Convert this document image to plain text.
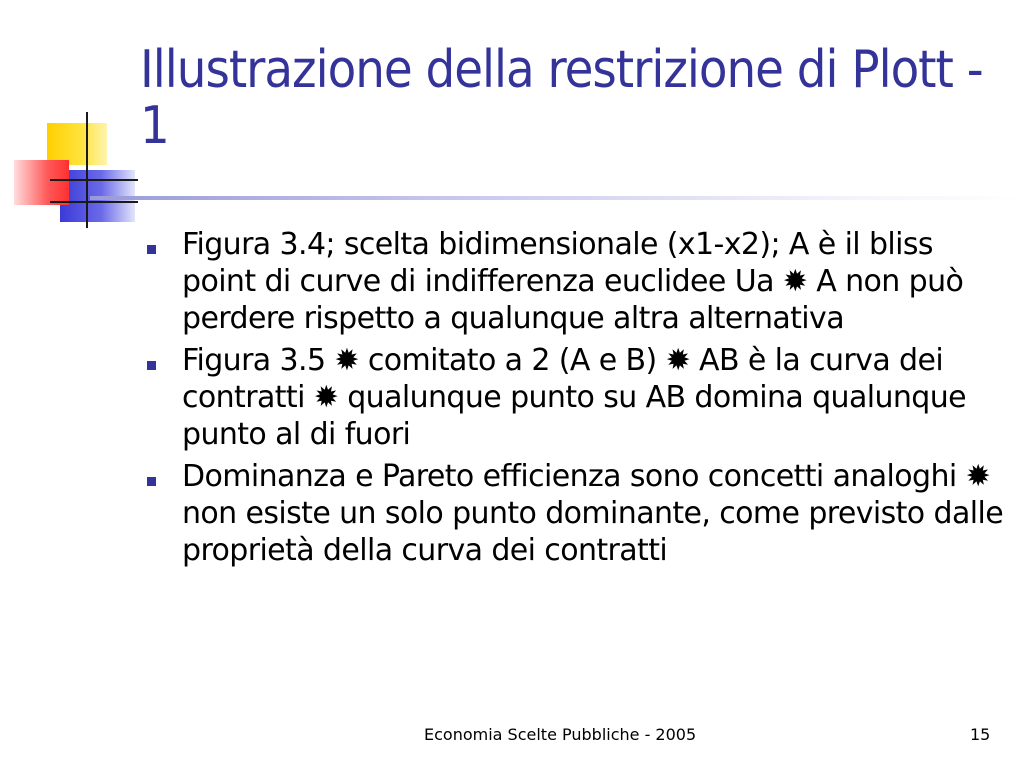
Illustrazione della restrizione di Plott - 1
Figura 3.4; scelta bidimensionale (x1-x2); A è il bliss point di curve di indifferenza euclidee Ua ✹ A non può perdere rispetto a qualunque altra alternativa
Figura 3.5 ✹ comitato a 2 (A e B) ✹ AB è la curva dei contratti ✹ qualunque punto su AB domina qualunque punto al di fuori
Dominanza e Pareto efficienza sono concetti analoghi ✹ non esiste un solo punto dominante, come previsto dalle proprietà della curva dei contratti
Economia Scelte Pubbliche - 2005	15
